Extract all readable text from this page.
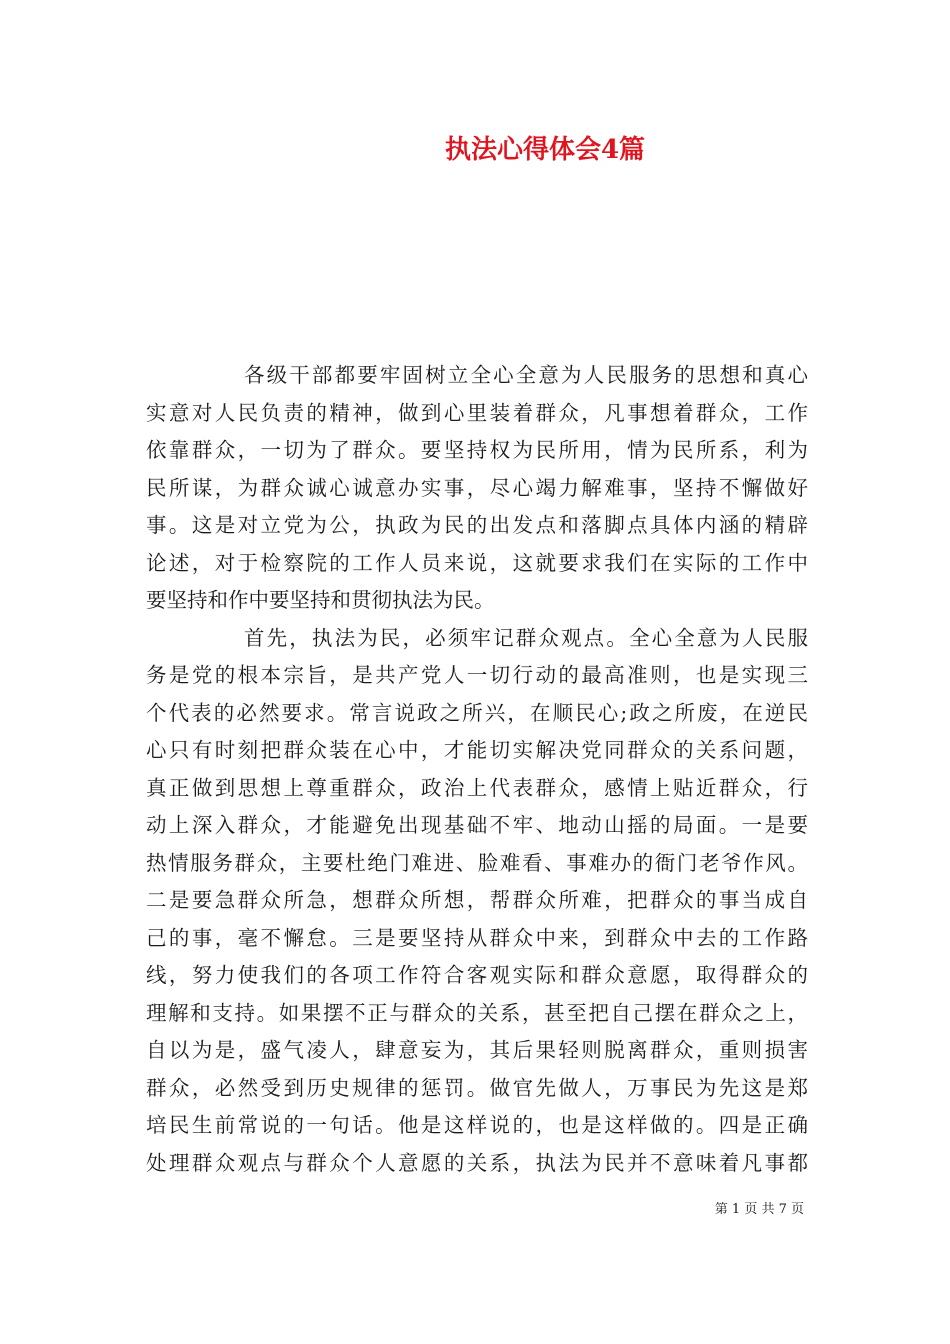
执法心得体会4篇
各级干部都要牢固树立全心全意为人民服务的思想和真心
实意对人民负责的精神，做到心里装着群众，凡事想着群众，工作
依靠群众，一切为了群众。要坚持权为民所用，情为民所系，利为
民所谋，为群众诚心诚意办实事，尽心竭力解难事，坚持不懈做好
事。这是对立党为公，执政为民的出发点和落脚点具体内涵的精辟
论述，对于检察院的工作人员来说，这就要求我们在实际的工作中
要坚持和作中要坚持和贯彻执法为民。
首先，执法为民，必须牢记群众观点。全心全意为人民服
务是党的根本宗旨，是共产党人一切行动的最高准则，也是实现三
个代表的必然要求。常言说政之所兴，在顺民心;政之所废，在逆民
心只有时刻把群众装在心中，才能切实解决党同群众的关系问题，
真正做到思想上尊重群众，政治上代表群众，感情上贴近群众，行
动上深入群众，才能避免出现基础不牢、地动山摇的局面。一是要
热情服务群众，主要杜绝门难进、脸难看、事难办的衙门老爷作风。
二是要急群众所急，想群众所想，帮群众所难，把群众的事当成自
己的事，毫不懈怠。三是要坚持从群众中来，到群众中去的工作路
线，努力使我们的各项工作符合客观实际和群众意愿，取得群众的
理解和支持。如果摆不正与群众的关系，甚至把自己摆在群众之上，
自以为是，盛气凌人，肆意妄为，其后果轻则脱离群众，重则损害
群众，必然受到历史规律的惩罚。做官先做人，万事民为先这是郑
培民生前常说的一句话。他是这样说的，也是这样做的。四是正确
处理群众观点与群众个人意愿的关系，执法为民并不意味着凡事都
第 1 页 共 7 页
